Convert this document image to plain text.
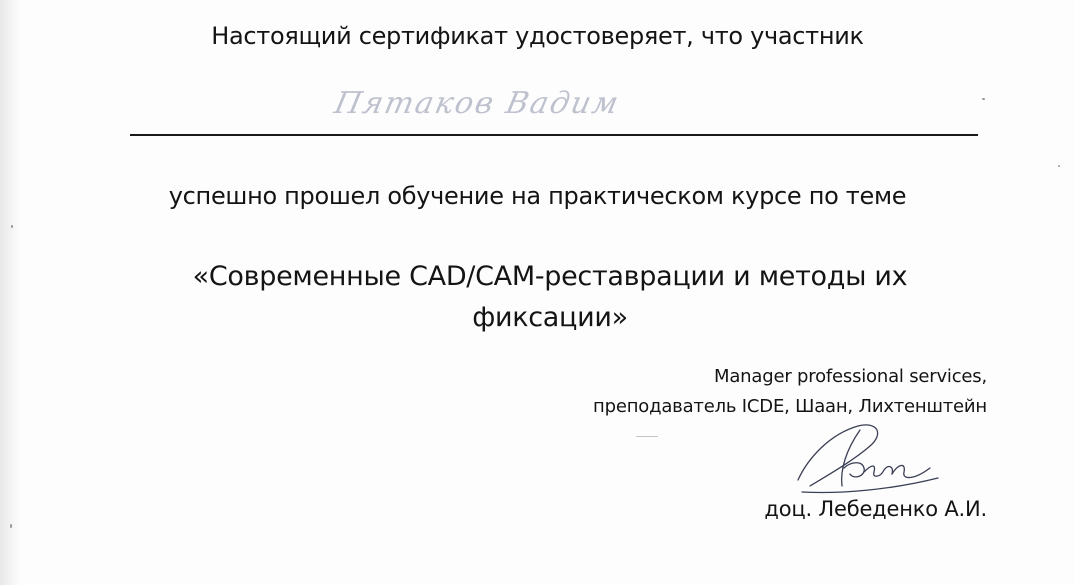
Настоящий сертификат удостоверяет, что участник
Пятаков Вадим
успешно прошел обучение на практическом курсе по теме
«Современные CAD/CAM-реставрации и методы их фиксации»
Manager professional services,
преподаватель ICDE, Шаан, Лихтенштейн
доц. Лебеденко А.И.
